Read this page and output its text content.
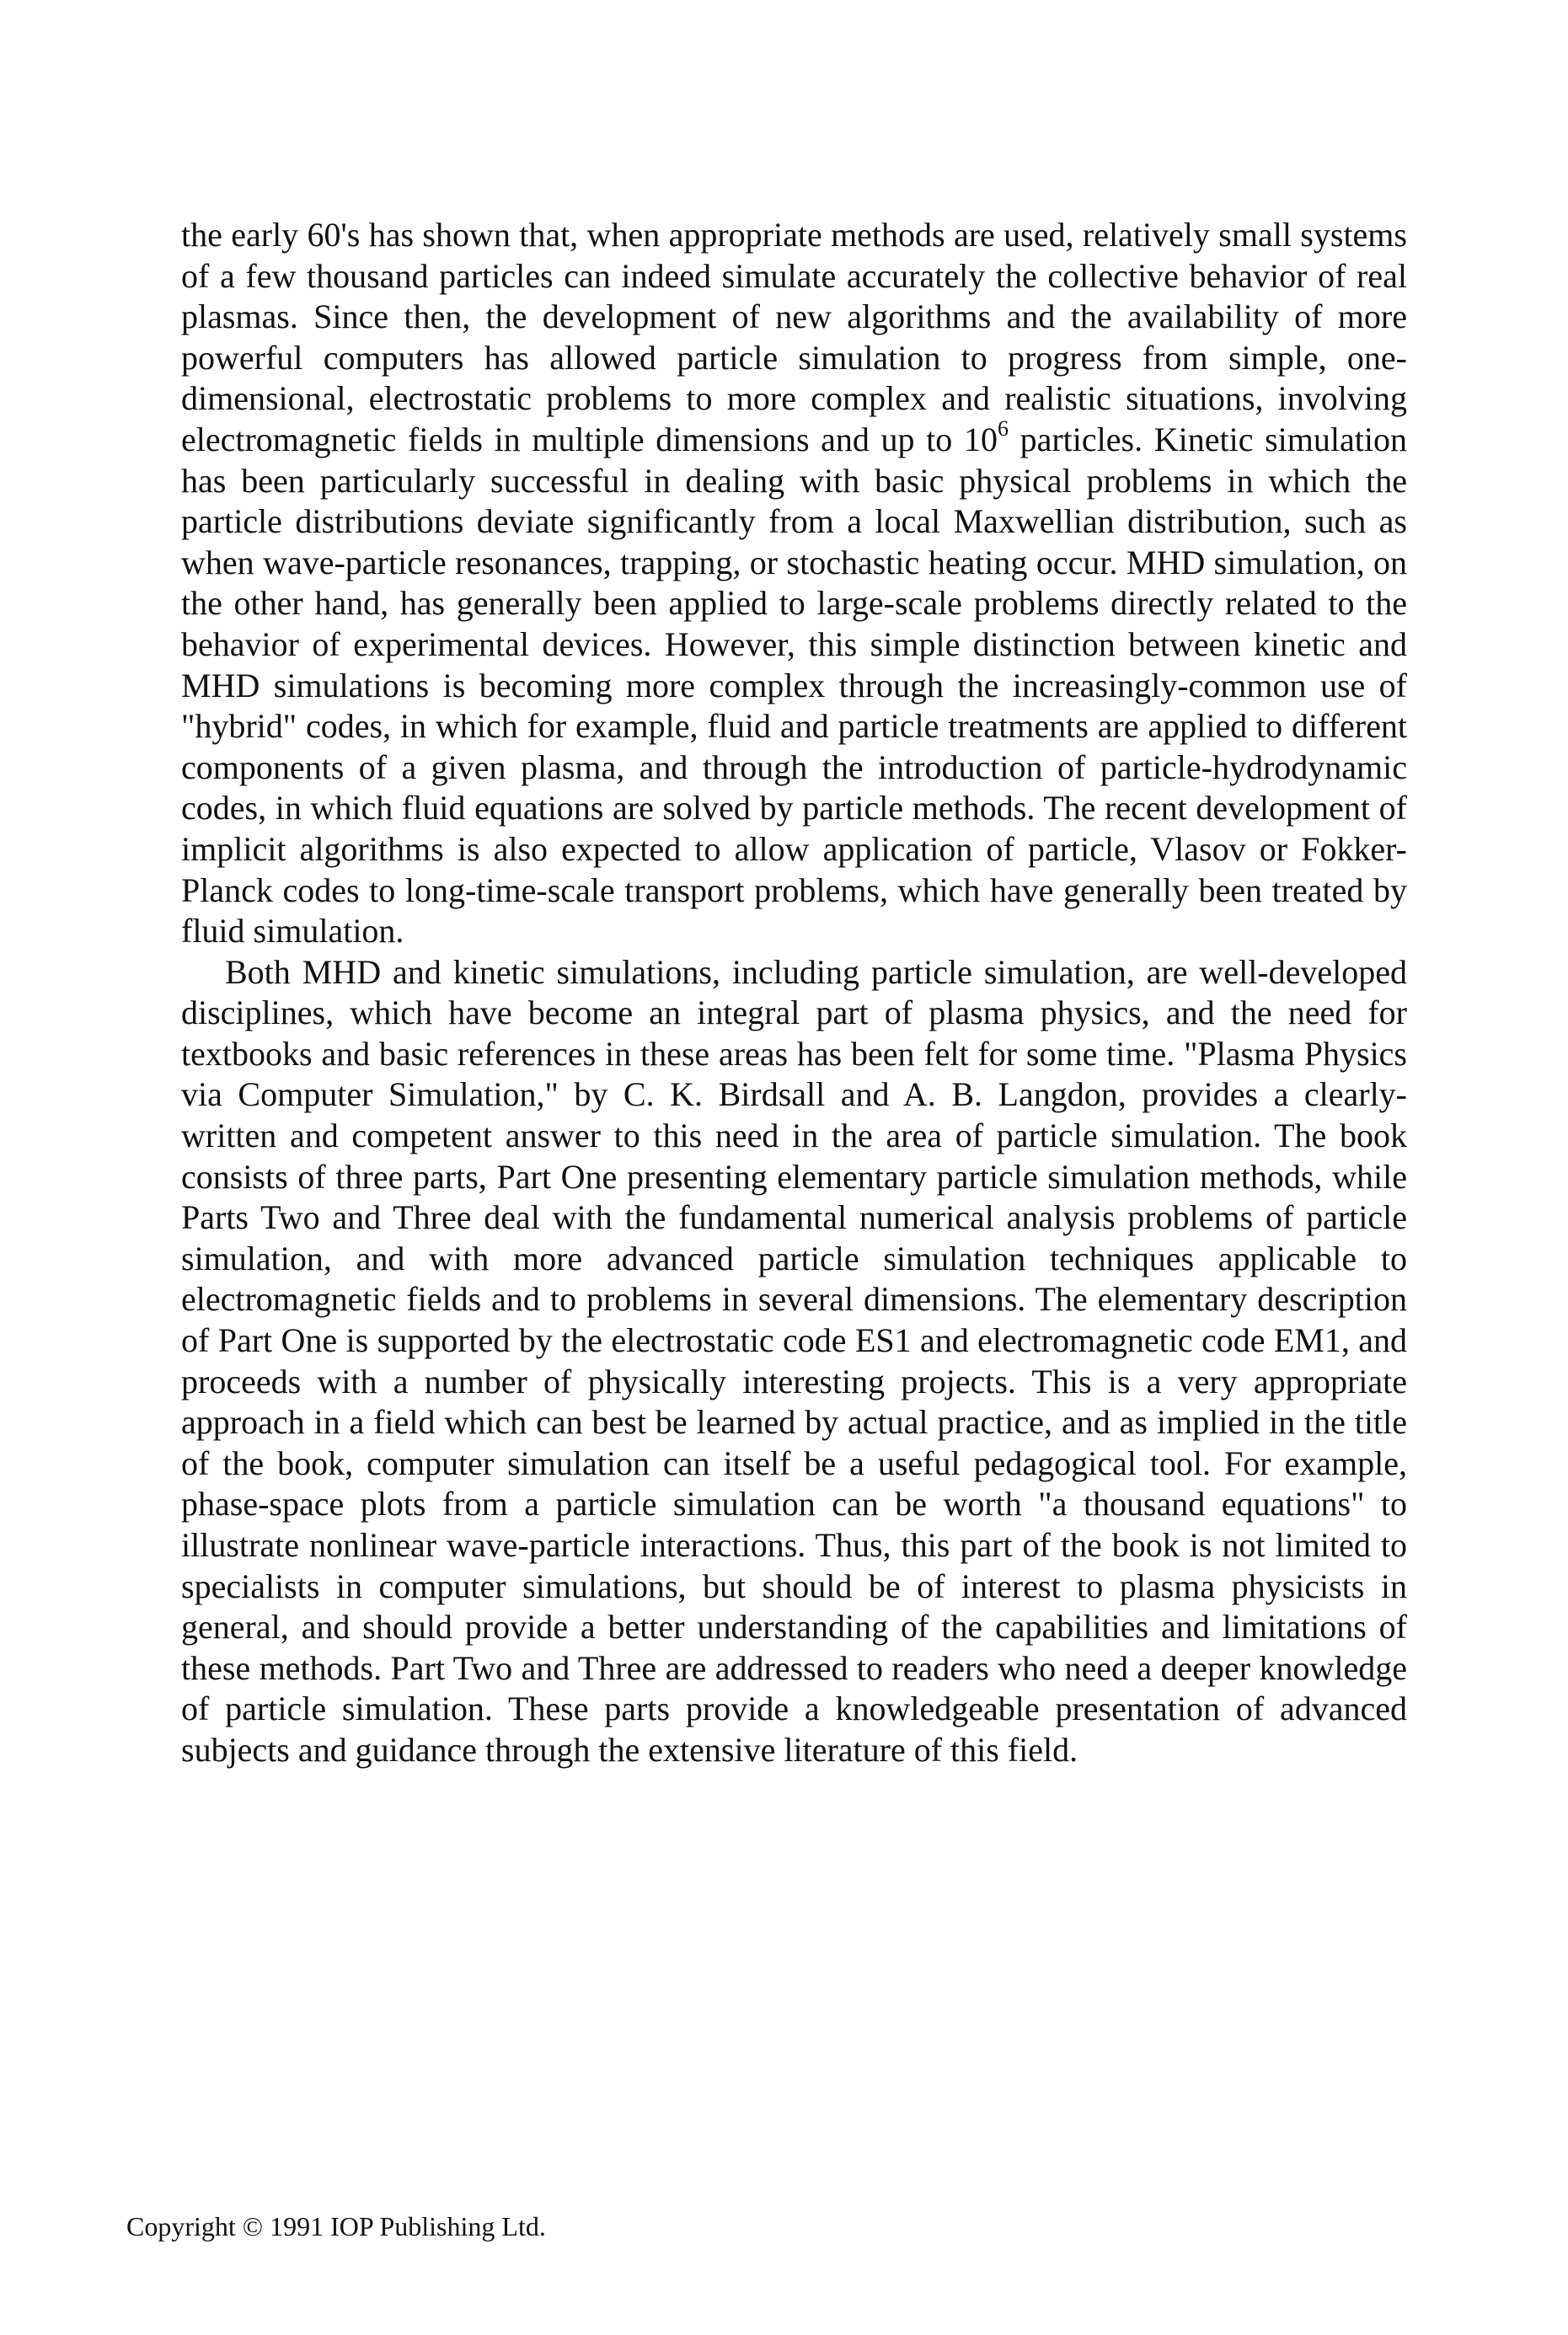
the early 60's has shown that, when appropriate methods are used, relatively small systems of a few thousand particles can indeed simulate accurately the collective behavior of real plasmas. Since then, the development of new algorithms and the availability of more powerful computers has allowed particle simulation to progress from simple, one-dimensional, electrostatic problems to more complex and realistic situations, involving electromagnetic fields in multiple dimensions and up to $10^6$ particles. Kinetic simulation has been particularly successful in dealing with basic physical problems in which the particle distributions deviate significantly from a local Maxwellian distribution, such as when wave-particle resonances, trapping, or stochastic heating occur. MHD simulation, on the other hand, has generally been applied to large-scale problems directly related to the behavior of experimental devices. However, this simple distinction between kinetic and MHD simulations is becoming more complex through the increasingly-common use of "hybrid" codes, in which for example, fluid and particle treatments are applied to different components of a given plasma, and through the introduction of particle-hydrodynamic codes, in which fluid equations are solved by particle methods. The recent development of implicit algorithms is also expected to allow application of particle, Vlasov or Fokker-Planck codes to long-time-scale transport problems, which have generally been treated by fluid simulation.

Both MHD and kinetic simulations, including particle simulation, are well-developed disciplines, which have become an integral part of plasma physics, and the need for textbooks and basic references in these areas has been felt for some time. "Plasma Physics via Computer Simulation," by C. K. Birdsall and A. B. Langdon, provides a clearly-written and competent answer to this need in the area of particle simulation. The book consists of three parts, Part One presenting elementary particle simulation methods, while Parts Two and Three deal with the fundamental numerical analysis problems of particle simulation, and with more advanced particle simulation techniques applicable to electromagnetic fields and to problems in several dimensions. The elementary description of Part One is supported by the electrostatic code ES1 and electromagnetic code EM1, and proceeds with a number of physically interesting projects. This is a very appropriate approach in a field which can best be learned by actual practice, and as implied in the title of the book, computer simulation can itself be a useful pedagogical tool. For example, phase-space plots from a particle simulation can be worth "a thousand equations" to illustrate nonlinear wave-particle interactions. Thus, this part of the book is not limited to specialists in computer simulations, but should be of interest to plasma physicists in general, and should provide a better understanding of the capabilities and limitations of these methods. Part Two and Three are addressed to readers who need a deeper knowledge of particle simulation. These parts provide a knowledgeable presentation of advanced subjects and guidance through the extensive literature of this field.

Copyright © 1991 IOP Publishing Ltd.
